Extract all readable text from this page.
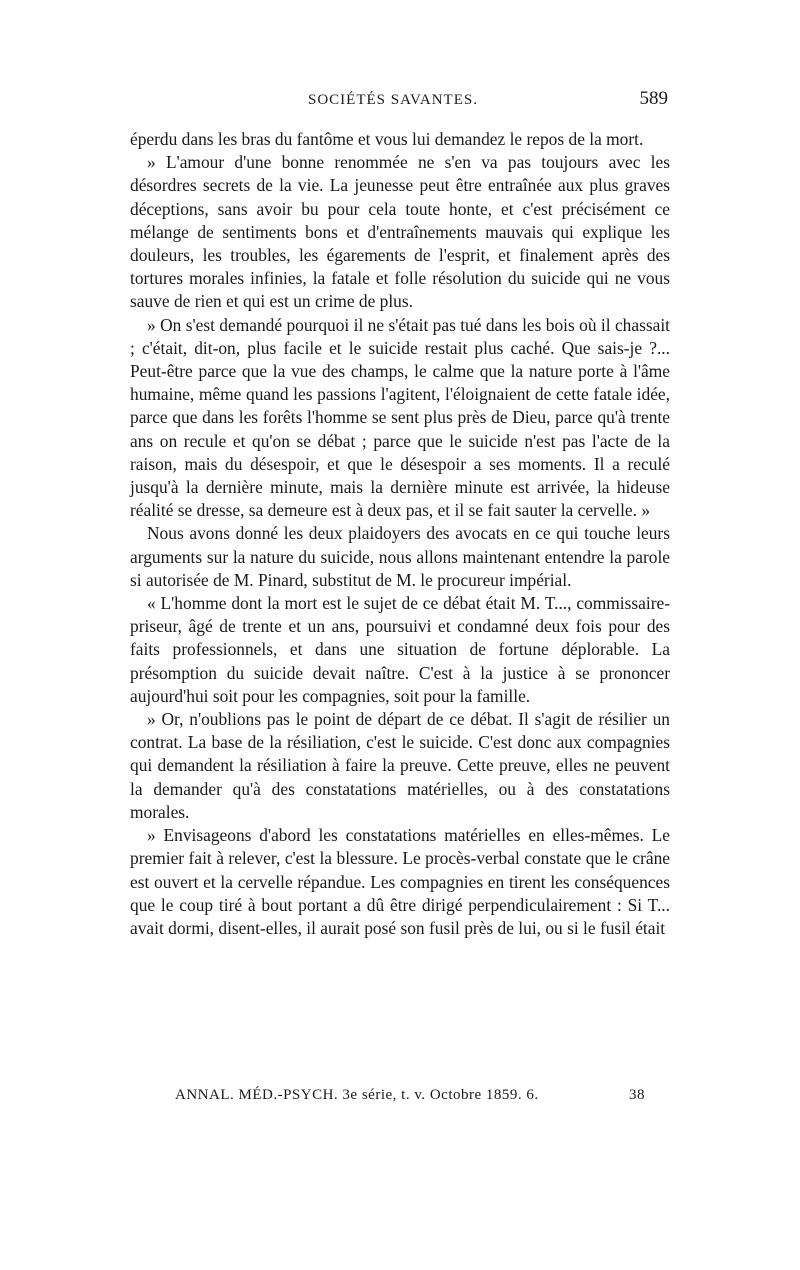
SOCIÉTÉS SAVANTES.	589

éperdu dans les bras du fantôme et vous lui demandez le repos de la mort.

» L'amour d'une bonne renommée ne s'en va pas toujours avec les désordres secrets de la vie. La jeunesse peut être entraînée aux plus graves déceptions, sans avoir bu pour cela toute honte, et c'est précisément ce mélange de sentiments bons et d'entraînements mauvais qui explique les douleurs, les troubles, les égarements de l'esprit, et finalement après des tortures morales infinies, la fatale et folle résolution du suicide qui ne vous sauve de rien et qui est un crime de plus.

» On s'est demandé pourquoi il ne s'était pas tué dans les bois où il chassait ; c'était, dit-on, plus facile et le suicide restait plus caché. Que sais-je ?... Peut-être parce que la vue des champs, le calme que la nature porte à l'âme humaine, même quand les passions l'agitent, l'éloignaient de cette fatale idée, parce que dans les forêts l'homme se sent plus près de Dieu, parce qu'à trente ans on recule et qu'on se débat ; parce que le suicide n'est pas l'acte de la raison, mais du désespoir, et que le désespoir a ses moments. Il a reculé jusqu'à la dernière minute, mais la dernière minute est arrivée, la hideuse réalité se dresse, sa demeure est à deux pas, et il se fait sauter la cervelle. »

Nous avons donné les deux plaidoyers des avocats en ce qui touche leurs arguments sur la nature du suicide, nous allons maintenant entendre la parole si autorisée de M. Pinard, substitut de M. le procureur impérial.

« L'homme dont la mort est le sujet de ce débat était M. T..., commissaire-priseur, âgé de trente et un ans, poursuivi et condamné deux fois pour des faits professionnels, et dans une situation de fortune déplorable. La présomption du suicide devait naître. C'est à la justice à se prononcer aujourd'hui soit pour les compagnies, soit pour la famille.

» Or, n'oublions pas le point de départ de ce débat. Il s'agit de résilier un contrat. La base de la résiliation, c'est le suicide. C'est donc aux compagnies qui demandent la résiliation à faire la preuve. Cette preuve, elles ne peuvent la demander qu'à des constatations matérielles, ou à des constatations morales.

» Envisageons d'abord les constatations matérielles en elles-mêmes. Le premier fait à relever, c'est la blessure. Le procès-verbal constate que le crâne est ouvert et la cervelle répandue. Les compagnies en tirent les conséquences que le coup tiré à bout portant a dû être dirigé perpendiculairement : Si T... avait dormi, disent-elles, il aurait posé son fusil près de lui, ou si le fusil était

ANNAL. MÉD.-PSYCH. 3e série, t. v. Octobre 1859. 6.	38
